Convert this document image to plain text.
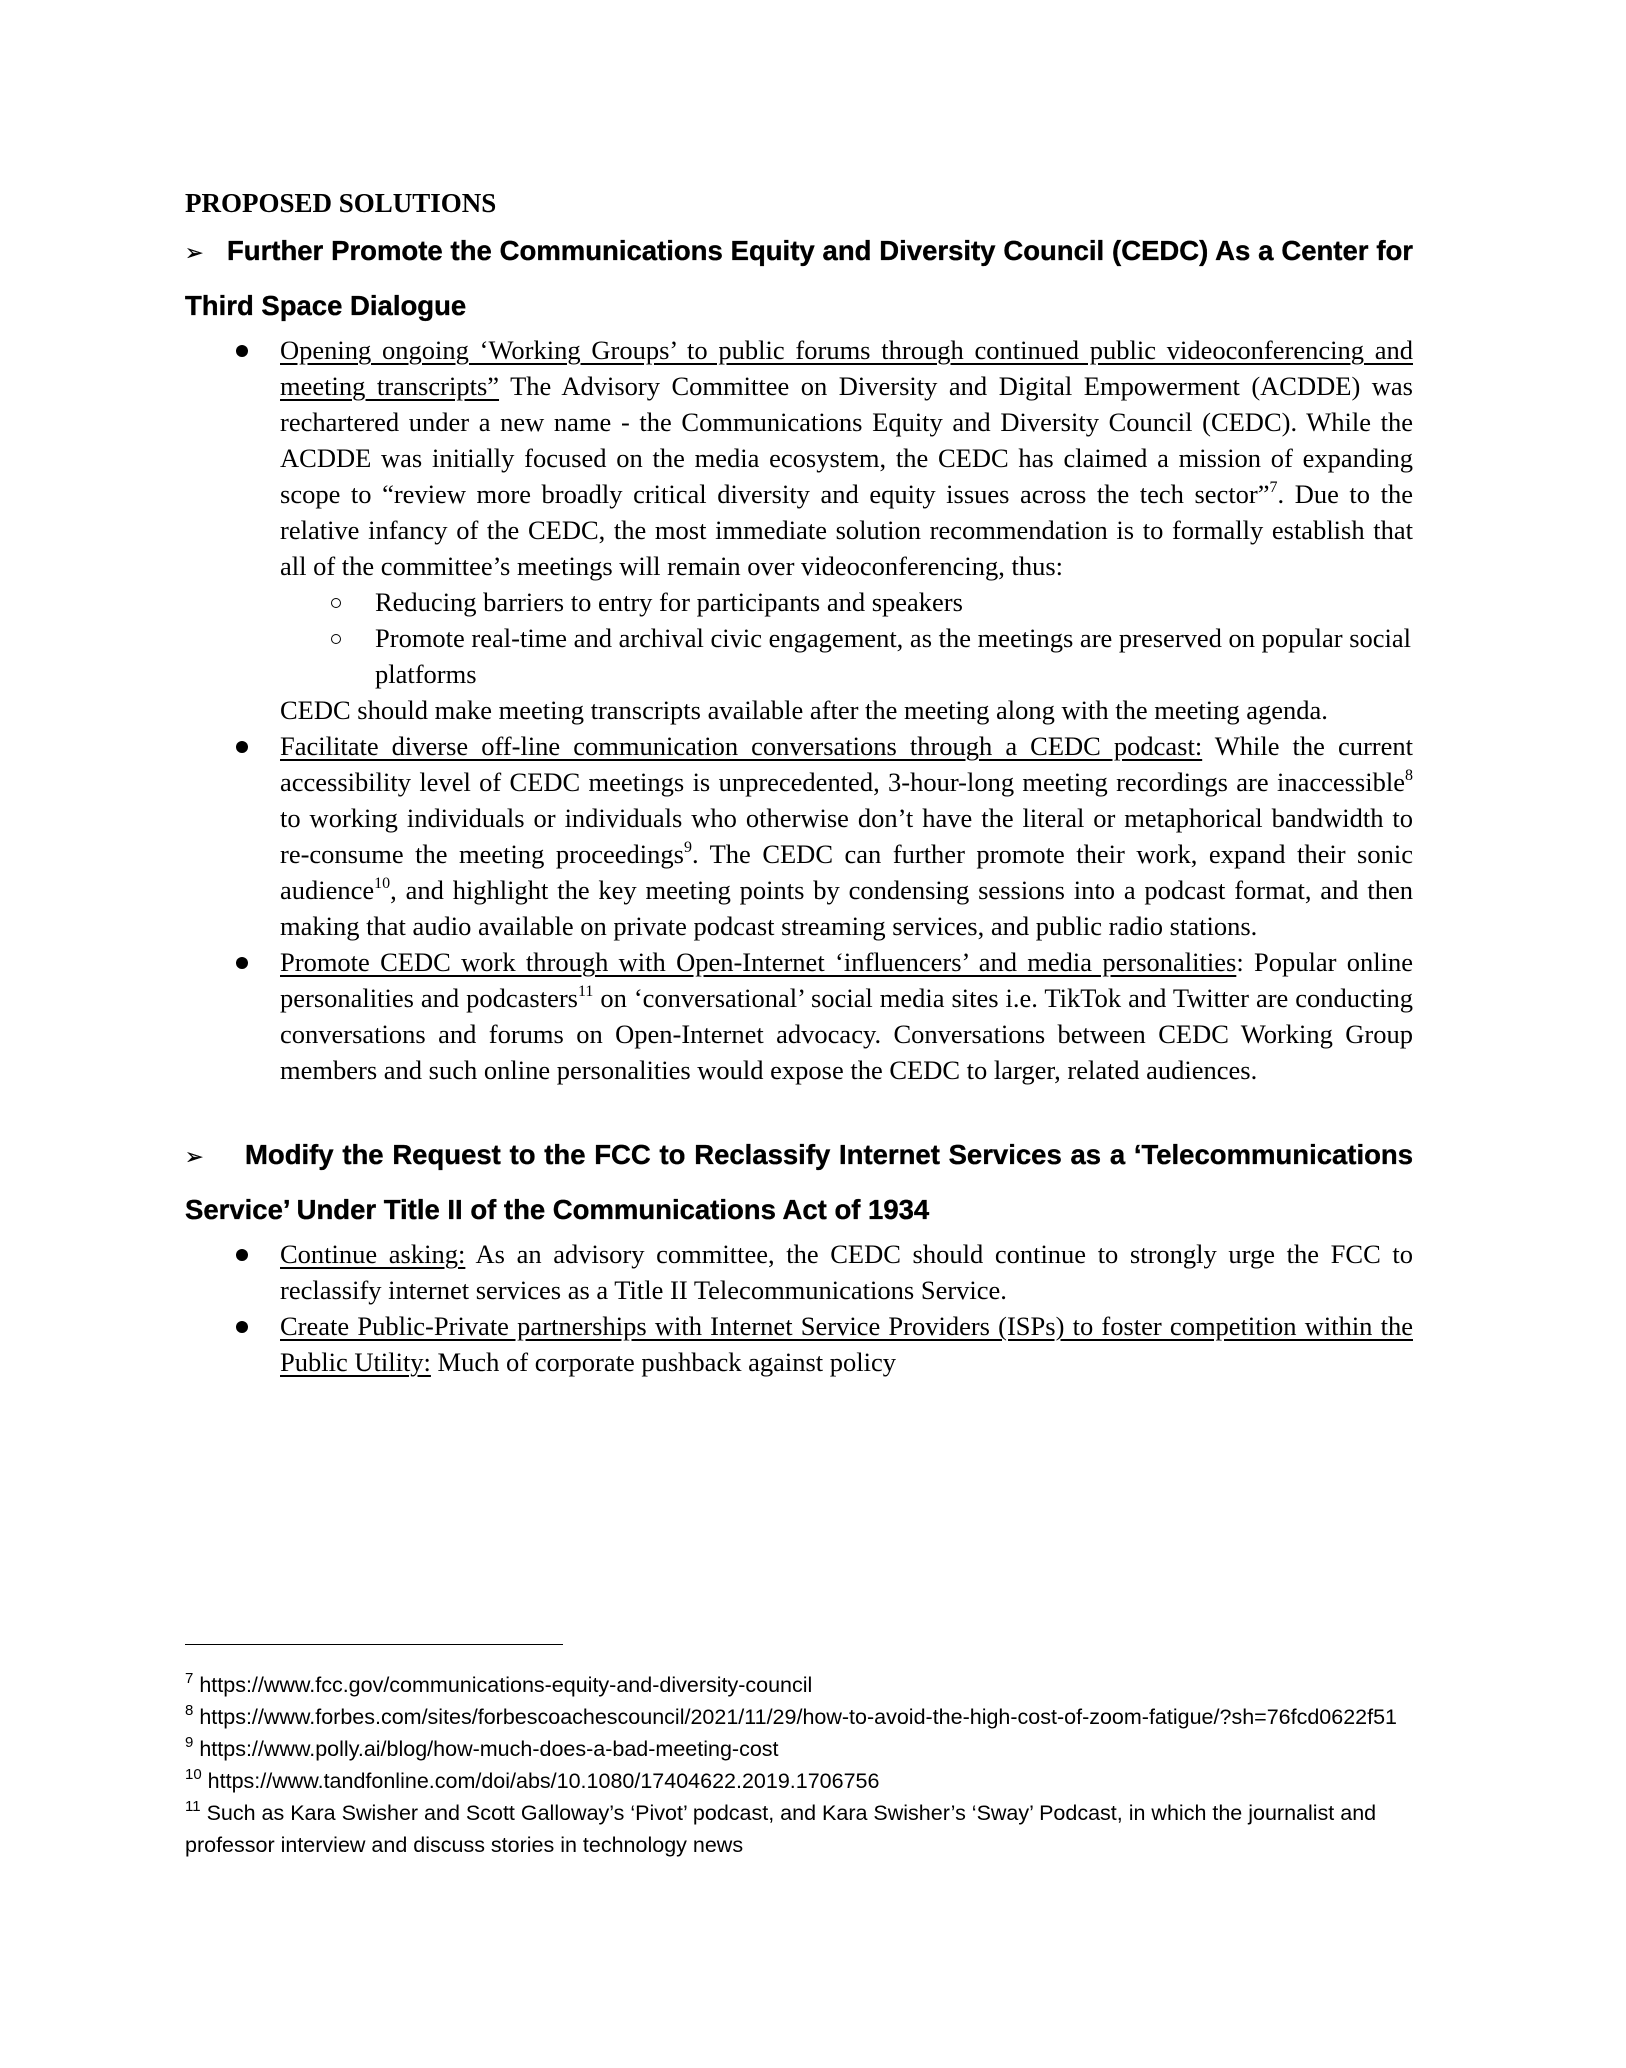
PROPOSED SOLUTIONS
➢ Further Promote the Communications Equity and Diversity Council (CEDC) As a Center for Third Space Dialogue
Opening ongoing ‘Working Groups’ to public forums through continued public videoconferencing and meeting transcripts” The Advisory Committee on Diversity and Digital Empowerment (ACDDE) was rechartered under a new name - the Communications Equity and Diversity Council (CEDC). While the ACDDE was initially focused on the media ecosystem, the CEDC has claimed a mission of expanding scope to “review more broadly critical diversity and equity issues across the tech sector”$^7$. Due to the relative infancy of the CEDC, the most immediate solution recommendation is to formally establish that all of the committee’s meetings will remain over videoconferencing, thus:
Reducing barriers to entry for participants and speakers
Promote real-time and archival civic engagement, as the meetings are preserved on popular social platforms
CEDC should make meeting transcripts available after the meeting along with the meeting agenda.
Facilitate diverse off-line communication conversations through a CEDC podcast: While the current accessibility level of CEDC meetings is unprecedented, 3-hour-long meeting recordings are inaccessible$^8$ to working individuals or individuals who otherwise don’t have the literal or metaphorical bandwidth to re-consume the meeting proceedings$^9$. The CEDC can further promote their work, expand their sonic audience$^{10}$, and highlight the key meeting points by condensing sessions into a podcast format, and then making that audio available on private podcast streaming services, and public radio stations.
Promote CEDC work through with Open-Internet ‘influencers’ and media personalities: Popular online personalities and podcasters$^{11}$ on ‘conversational’ social media sites i.e. TikTok and Twitter are conducting conversations and forums on Open-Internet advocacy. Conversations between CEDC Working Group members and such online personalities would expose the CEDC to larger, related audiences.
➢ Modify the Request to the FCC to Reclassify Internet Services as a ‘Telecommunications Service’ Under Title II of the Communications Act of 1934
Continue asking: As an advisory committee, the CEDC should continue to strongly urge the FCC to reclassify internet services as a Title II Telecommunications Service.
Create Public-Private partnerships with Internet Service Providers (ISPs) to foster competition within the Public Utility: Much of corporate pushback against policy

$^7$ https://www.fcc.gov/communications-equity-and-diversity-council

$^8$ https://www.forbes.com/sites/forbescoachescouncil/2021/11/29/how-to-avoid-the-high-cost-of-zoom-fatigue/?sh=76fcd0622f51

$^9$ https://www.polly.ai/blog/how-much-does-a-bad-meeting-cost

$^{10}$ https://www.tandfonline.com/doi/abs/10.1080/17404622.2019.1706756

$^{11}$ Such as Kara Swisher and Scott Galloway’s ‘Pivot’ podcast, and Kara Swisher’s ‘Sway’ Podcast, in which the journalist and professor interview and discuss stories in technology news
